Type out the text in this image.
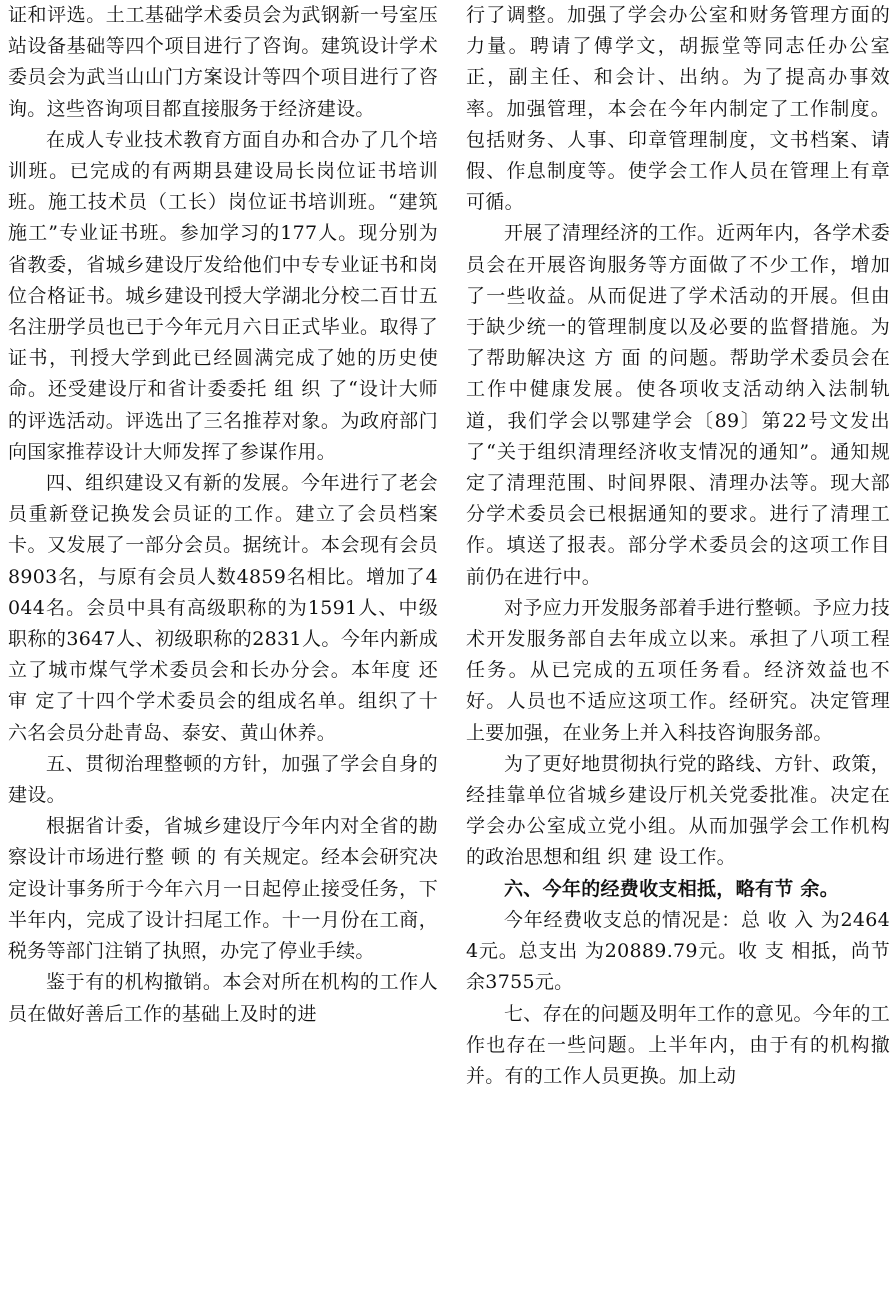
证和评选。土工基础学术委员会为武钢新一号室压站设备基础等四个项目进行了咨询。建筑设计学术委员会为武当山山门方案设计等四个项目进行了咨询。这些咨询项目都直接服务于经济建设。

在成人专业技术教育方面自办和合办了几个培训班。已完成的有两期县建设局长岗位证书培训班。施工技术员（工长）岗位证书培训班。“建筑施工”专业证书班。参加学习的177人。现分别为省教委，省城乡建设厅发给他们中专专业证书和岗位合格证书。城乡建设刊授大学湖北分校二百廿五名注册学员也已于今年元月六日正式毕业。取得了证书，刊授大学到此已经圆满完成了她的历史使命。还受建设厅和省计委委托 组 织 了“设计大师的评选活动。评选出了三名推荐对象。为政府部门向国家推荐设计大师发挥了参谋作用。

四、组织建设又有新的发展。今年进行了老会员重新登记换发会员证的工作。建立了会员档案卡。又发展了一部分会员。据统计。本会现有会员8903名，与原有会员人数4859名相比。增加了4044名。会员中具有高级职称的为1591人、中级职称的3647人、初级职称的2831人。今年内新成立了城市煤气学术委员会和长办分会。本年度 还 审 定了十四个学术委员会的组成名单。组织了十六名会员分赴青岛、泰安、黄山休养。

五、贯彻治理整顿的方针，加强了学会自身的建设。

根据省计委，省城乡建设厅今年内对全省的勘察设计市场进行整 顿 的 有关规定。经本会研究决定设计事务所于今年六月一日起停止接受任务，下半年内，完成了设计扫尾工作。十一月份在工商，税务等部门注销了执照，办完了停业手续。

鉴于有的机构撤销。本会对所在机构的工作人员在做好善后工作的基础上及时的进

行了调整。加强了学会办公室和财务管理方面的力量。聘请了傅学文，胡振堂等同志任办公室正，副主任、和会计、出纳。为了提高办事效率。加强管理，本会在今年内制定了工作制度。包括财务、人事、印章管理制度，文书档案、请假、作息制度等。使学会工作人员在管理上有章可循。

开展了清理经济的工作。近两年内，各学术委员会在开展咨询服务等方面做了不少工作，增加了一些收益。从而促进了学术活动的开展。但由于缺少统一的管理制度以及必要的监督措施。为了帮助解决这 方 面 的问题。帮助学术委员会在工作中健康发展。使各项收支活动纳入法制轨道，我们学会以鄂建学会〔89〕第22号文发出了“关于组织清理经济收支情况的通知”。通知规定了清理范围、时间界限、清理办法等。现大部分学术委员会已根据通知的要求。进行了清理工作。填送了报表。部分学术委员会的这项工作目前仍在进行中。

对予应力开发服务部着手进行整顿。予应力技术开发服务部自去年成立以来。承担了八项工程任务。从已完成的五项任务看。经济效益也不好。人员也不适应这项工作。经研究。决定管理上要加强，在业务上并入科技咨询服务部。

为了更好地贯彻执行党的路线、方针、政策，经挂靠单位省城乡建设厅机关党委批准。决定在学会办公室成立党小组。从而加强学会工作机构的政治思想和组 织 建 设工作。

六、今年的经费收支相抵，略有节 余。

今年经费收支总的情况是：总 收 入 为24644元。总支出 为20889.79元。收 支 相抵，尚节余3755元。

七、存在的问题及明年工作的意见。今年的工作也存在一些问题。上半年内，由于有的机构撤并。有的工作人员更换。加上动
